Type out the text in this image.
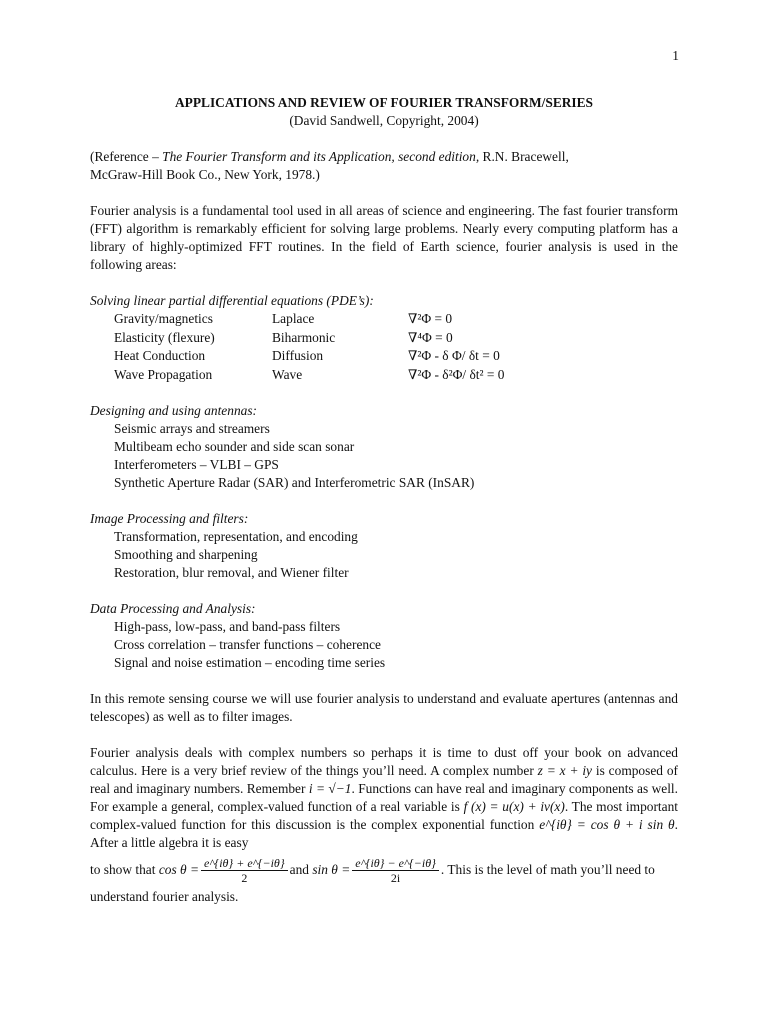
1
APPLICATIONS AND REVIEW OF FOURIER TRANSFORM/SERIES
(David Sandwell, Copyright, 2004)
(Reference – The Fourier Transform and its Application, second edition, R.N. Bracewell,
McGraw-Hill Book Co., New York, 1978.)
Fourier analysis is a fundamental tool used in all areas of science and engineering. The fast fourier transform (FFT) algorithm is remarkably efficient for solving large problems. Nearly every computing platform has a library of highly-optimized FFT routines. In the field of Earth science, fourier analysis is used in the following areas:
Solving linear partial differential equations (PDE’s):
Gravity/magnetics	Laplace	∇²Φ = 0
Elasticity (flexure)	Biharmonic	∇⁴Φ = 0
Heat Conduction	Diffusion	∇²Φ - δ Φ/ δt = 0
Wave Propagation	Wave	∇²Φ - δ²Φ/ δt² = 0
Designing and using antennas:
Seismic arrays and streamers
Multibeam echo sounder and side scan sonar
Interferometers – VLBI – GPS
Synthetic Aperture Radar (SAR) and Interferometric SAR (InSAR)
Image Processing and filters:
Transformation, representation, and encoding
Smoothing and sharpening
Restoration, blur removal, and Wiener filter
Data Processing and Analysis:
High-pass, low-pass, and band-pass filters
Cross correlation – transfer functions – coherence
Signal and noise estimation – encoding time series
In this remote sensing course we will use fourier analysis to understand and evaluate apertures (antennas and telescopes) as well as to filter images.
Fourier analysis deals with complex numbers so perhaps it is time to dust off your book on advanced calculus. Here is a very brief review of the things you’ll need. A complex number z = x + iy is composed of real and imaginary numbers. Remember i = √−1. Functions can have real and imaginary components as well. For example a general, complex-valued function of a real variable is f (x) = u(x) + iv(x). The most important complex-valued function for this discussion is the complex exponential function e^{iθ} = cos θ + i sin θ. After a little algebra it is easy
to show that
$\cos \theta = \frac{e\^{}\{i\theta\} + e\^{}\{-i\theta\}}{2}$ and
$\sin \theta = \frac{e\^{}\{i\theta\} - e\^{}\{-i\theta\}}{2i}$ . This is the level of math you’ll need to
understand fourier analysis.
